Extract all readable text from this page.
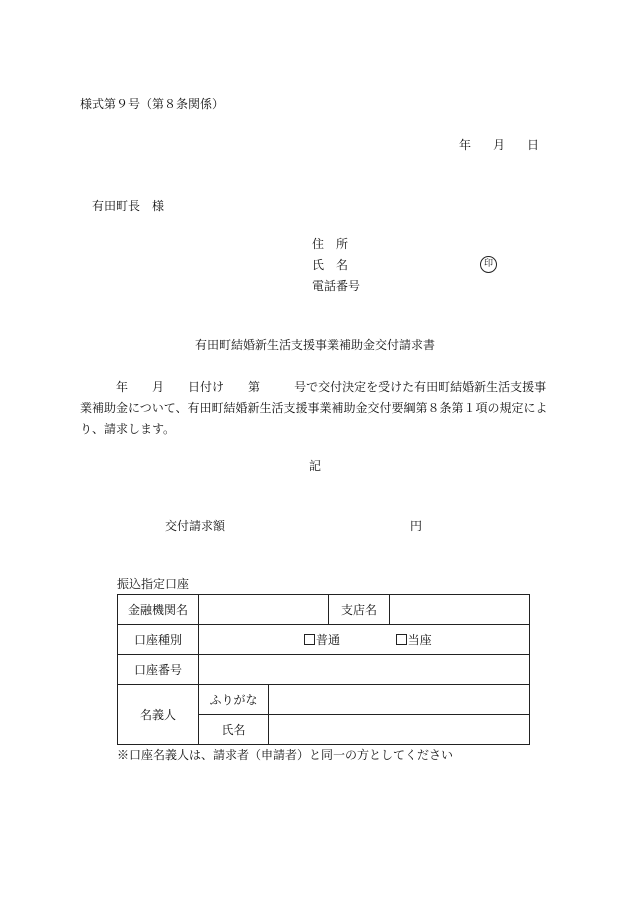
様式第９号（第８条関係）
年 月 日
有田町長　様
住　所
氏　名	印
電話番号
有田町結婚新生活支援事業補助金交付請求書
年 月 日付け 第	号で交付決定を受けた有田町結婚新生活支援事業補助金について、有田町結婚新生活支援事業補助金交付要綱第８条第１項の規定により、請求します。
記
交付請求額	円
振込指定口座
金融機関名			支店名	
口座種別	普通 当座			
口座番号				
名義人	ふりがな			
	氏名			
※口座名義人は、請求者（申請者）と同一の方としてください
